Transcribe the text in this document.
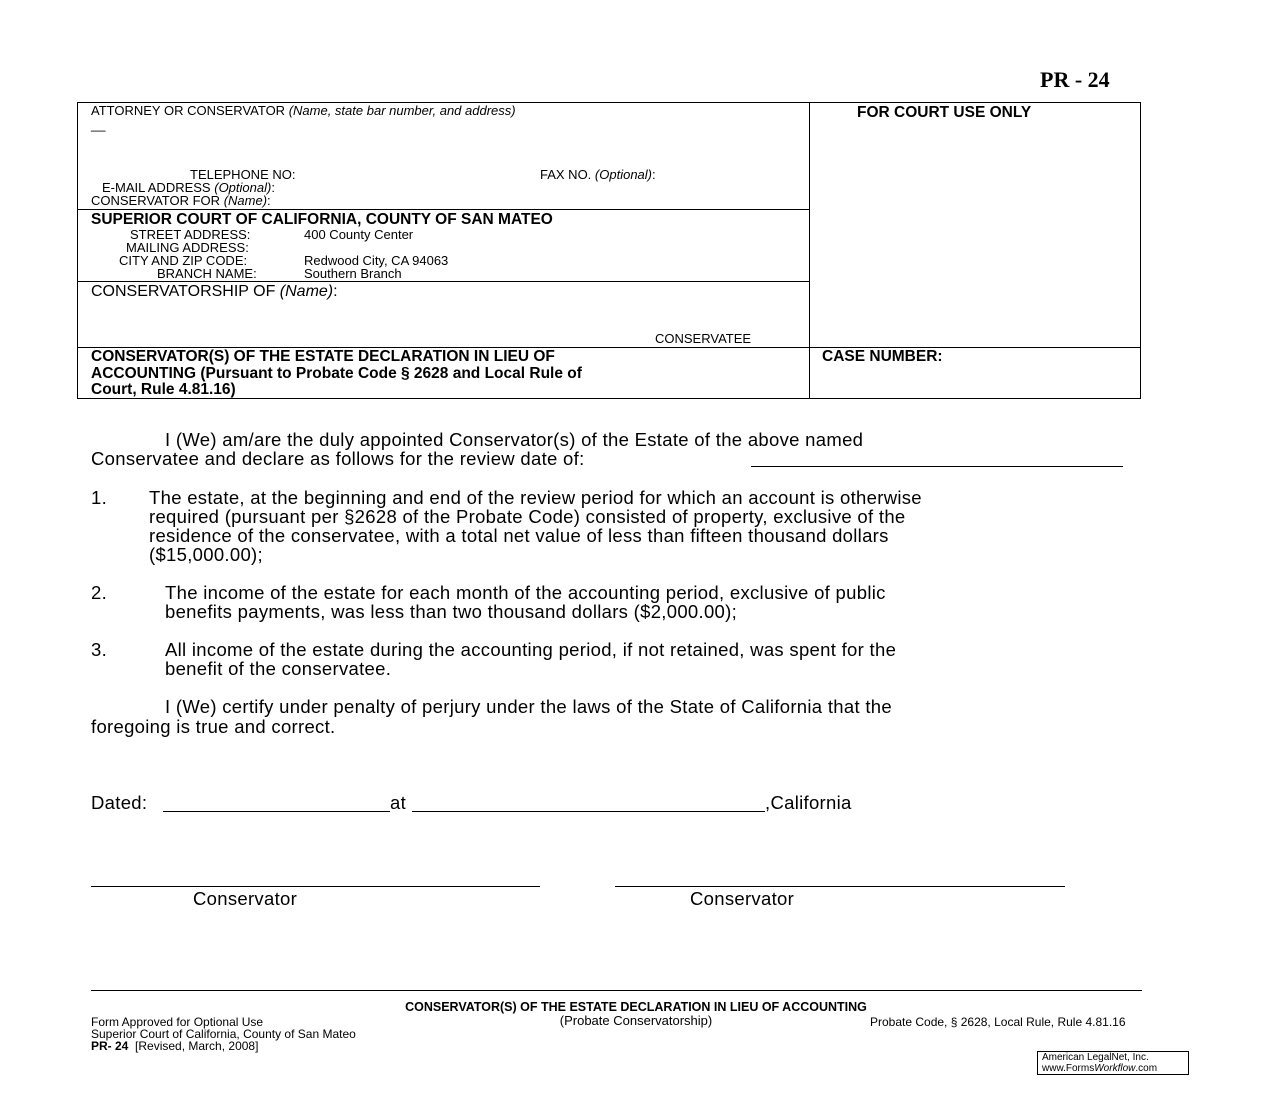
PR - 24
ATTORNEY OR CONSERVATOR (Name, state bar number, and address)
__
TELEPHONE NO:	FAX NO. (Optional):
E-MAIL ADDRESS (Optional):
CONSERVATOR FOR (Name):
FOR COURT USE ONLY
SUPERIOR COURT OF CALIFORNIA, COUNTY OF SAN MATEO
STREET ADDRESS:	400 County Center
MAILING ADDRESS:
CITY AND ZIP CODE:	Redwood City, CA 94063
BRANCH NAME:	Southern Branch
CONSERVATORSHIP OF (Name):
CONSERVATEE
CONSERVATOR(S) OF THE ESTATE DECLARATION IN LIEU OF
ACCOUNTING (Pursuant to Probate Code § 2628 and Local Rule of
Court, Rule 4.81.16)
CASE NUMBER:
I (We) am/are the duly appointed Conservator(s) of the Estate of the above named
Conservatee and declare as follows for the review date of:
1. The estate, at the beginning and end of the review period for which an account is otherwise
required (pursuant per §2628 of the Probate Code) consisted of property, exclusive of the
residence of the conservatee, with a total net value of less than fifteen thousand dollars
($15,000.00);
2.	The income of the estate for each month of the accounting period, exclusive of public
benefits payments, was less than two thousand dollars ($2,000.00);
3.	All income of the estate during the accounting period, if not retained, was spent for the
benefit of the conservatee.
I (We) certify under penalty of perjury under the laws of the State of California that the
foregoing is true and correct.
Dated:	at	,California
Conservator	Conservator
CONSERVATOR(S) OF THE ESTATE DECLARATION IN LIEU OF ACCOUNTING
(Probate Conservatorship)
Form Approved for Optional Use
Superior Court of California, County of San Mateo
PR- 24 [Revised, March, 2008]
Probate Code, § 2628, Local Rule, Rule 4.81.16
American LegalNet, Inc.
www.FormsWorkflow.com
